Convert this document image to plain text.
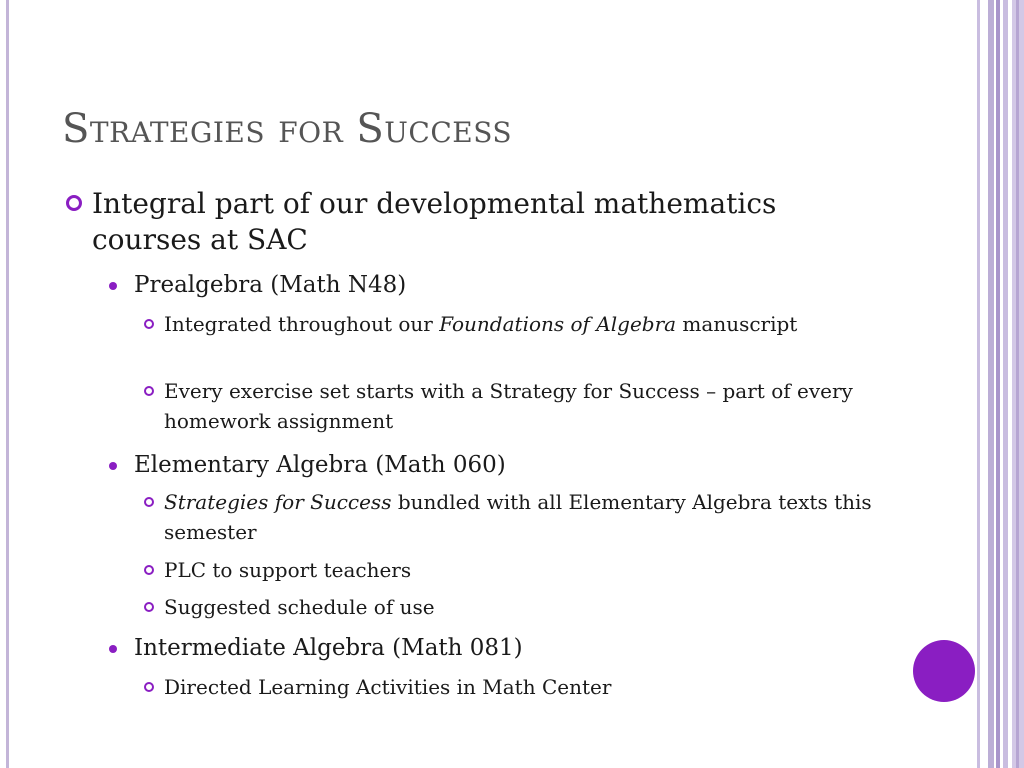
Strategies for Success
Integral part of our developmental mathematics courses at SAC
Prealgebra (Math N48)
Integrated throughout our Foundations of Algebra manuscript
Every exercise set starts with a Strategy for Success – part of every homework assignment
Elementary Algebra (Math 060)
Strategies for Success bundled with all Elementary Algebra texts this semester
PLC to support teachers
Suggested schedule of use
Intermediate Algebra (Math 081)
Directed Learning Activities in Math Center
